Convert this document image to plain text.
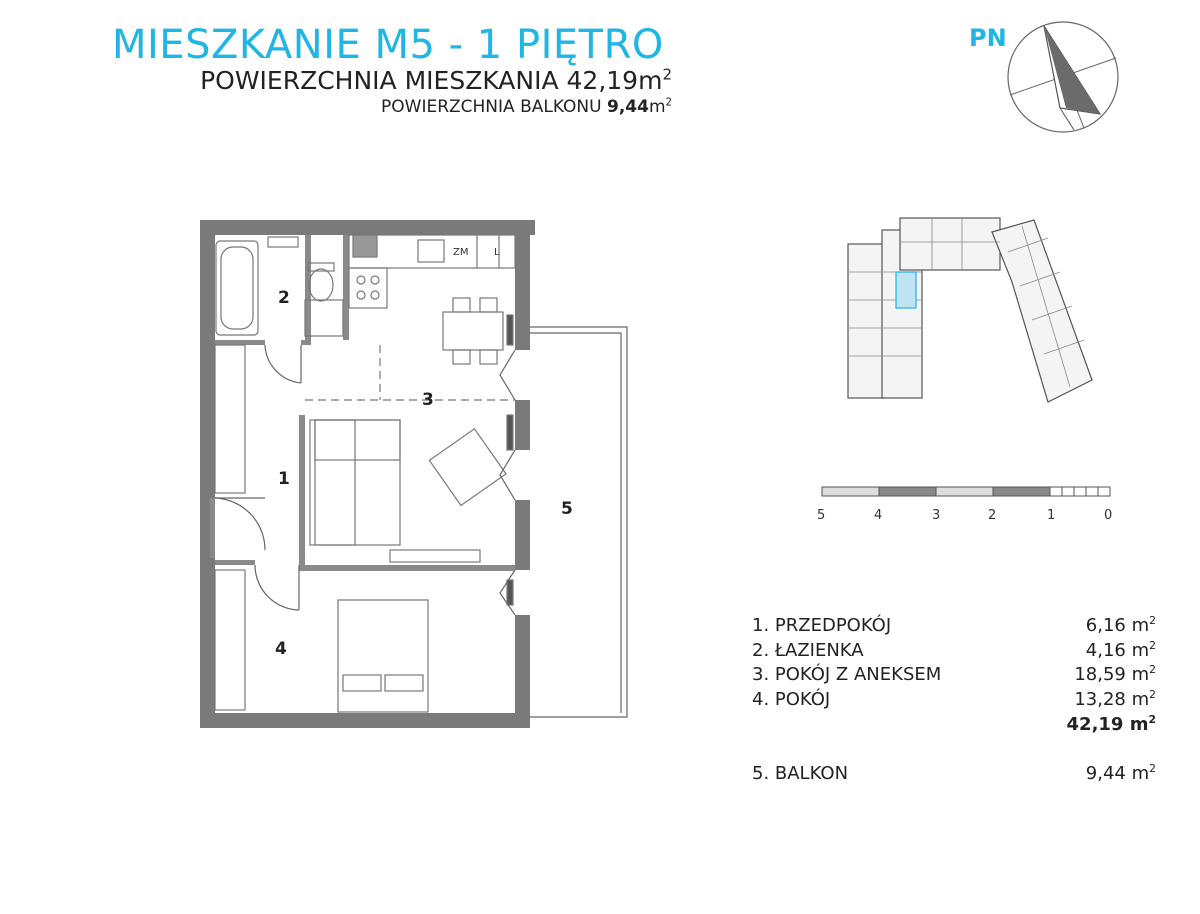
MIESZKANIE M5 - 1 PIĘTRO
POWIERZCHNIA MIESZKANIA $42,19m^2$
POWIERZCHNIA BALKONU $9,44m^2$
PN
2
3
1
4
5
ZM	L
5	4	3	2	1	0
1. PRZEDPOKÓJ	6,16 $m^2$
2. ŁAZIENKA	4,16 $m^2$
3. POKÓJ Z ANEKSEM	18,59 $m^2$
4. POKÓJ	13,28 $m^2$
42,19 $m^2$
5. BALKON	9,44 $m^2$
